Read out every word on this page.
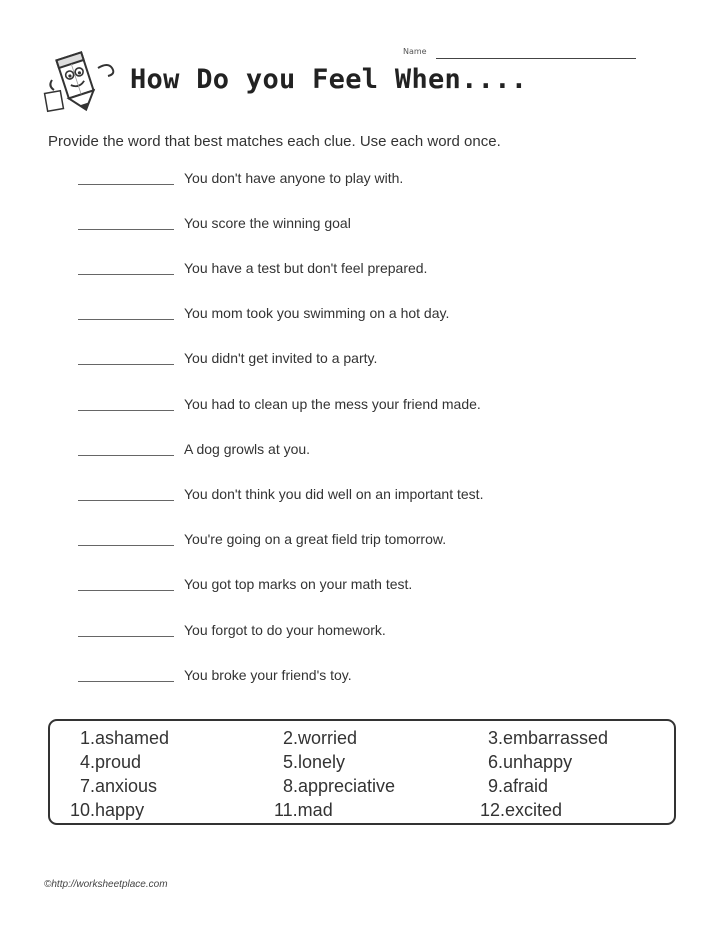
Name
How Do you Feel When....
Provide the word that best matches each clue. Use each word once.
You don't have anyone to play with.
You score the winning goal
You have a test but don't feel prepared.
You mom took you swimming on a hot day.
You didn't get invited to a party.
You had to clean up the mess your friend made.
A dog growls at you.
You don't think you did well on an important test.
You're going on a great field trip tomorrow.
You got top marks on your math test.
You forgot to do your homework.
You broke your friend's toy.
1.ashamed	2.worried	3.embarrassed
4.proud	5.lonely	6.unhappy
7.anxious	8.appreciative	9.afraid
10.happy	11.mad	12.excited
©http://worksheetplace.com
